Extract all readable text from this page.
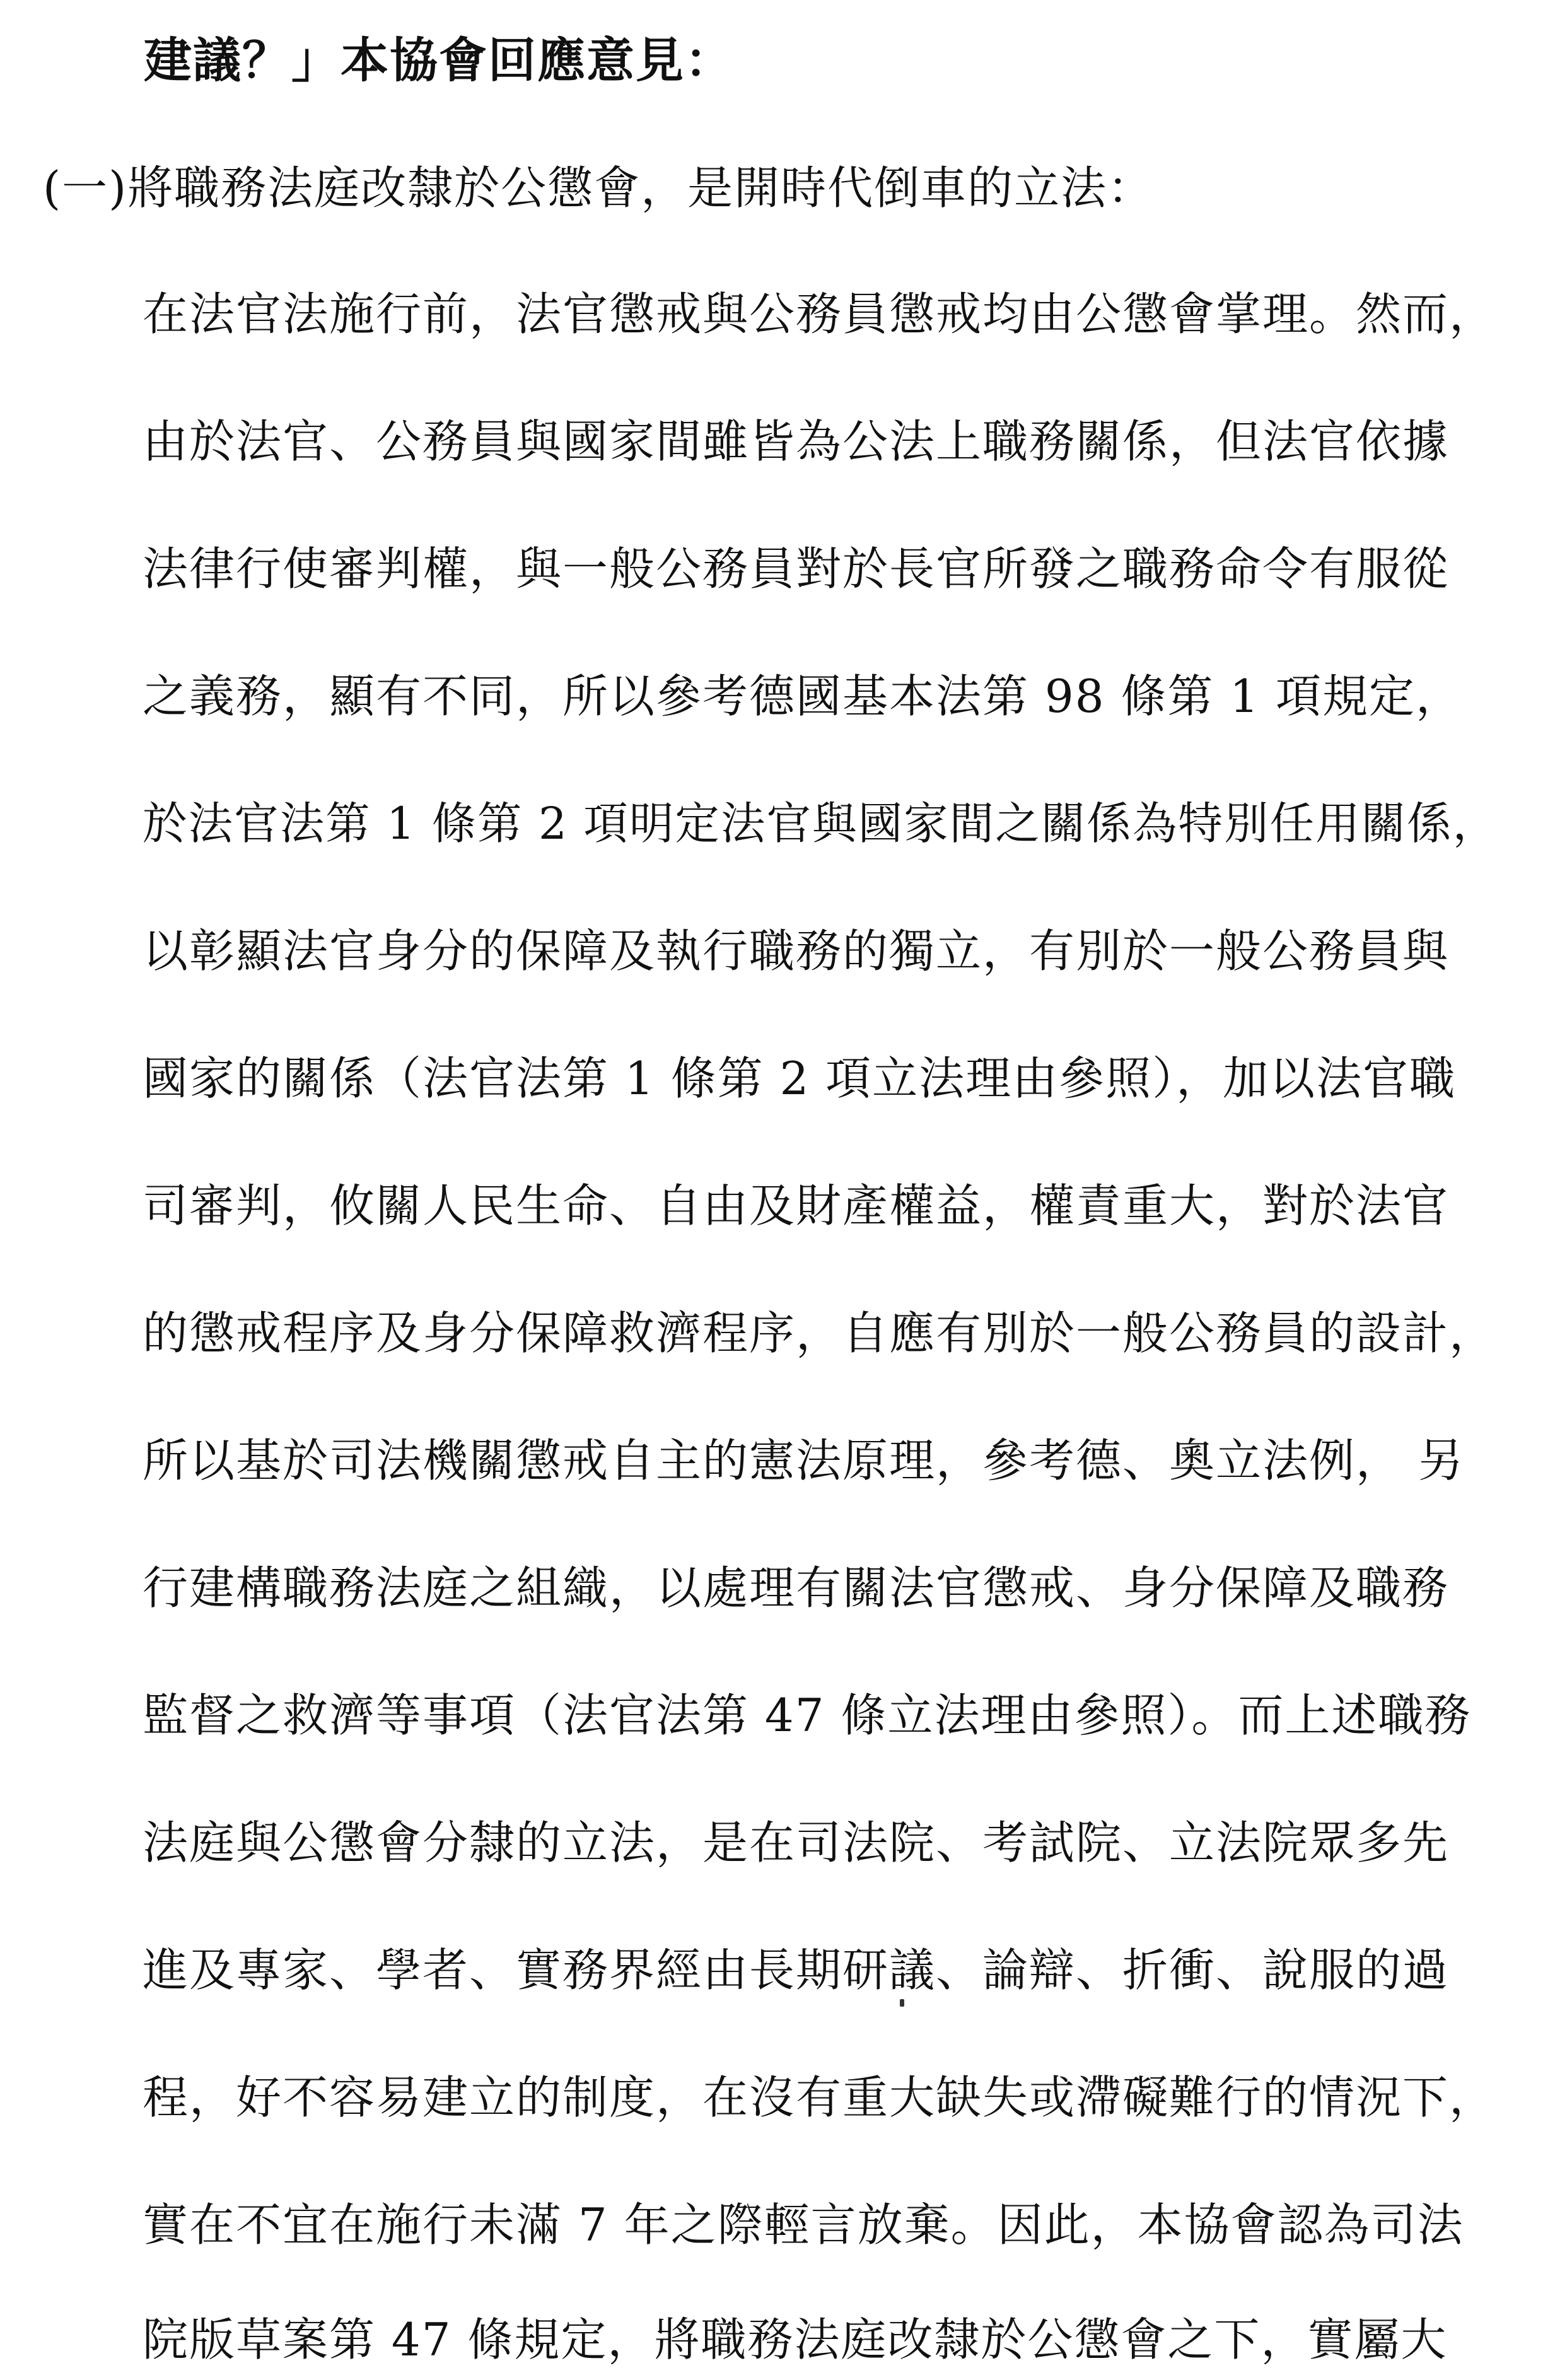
建議？」本協會回應意見：
(一)將職務法庭改隸於公懲會，是開時代倒車的立法：
在法官法施行前，法官懲戒與公務員懲戒均由公懲會掌理。然而，
由於法官、公務員與國家間雖皆為公法上職務關係，但法官依據
法律行使審判權，與一般公務員對於長官所發之職務命令有服從
之義務，顯有不同，所以參考德國基本法第 98 條第 1 項規定，
於法官法第 1 條第 2 項明定法官與國家間之關係為特別任用關係，
以彰顯法官身分的保障及執行職務的獨立，有別於一般公務員與
國家的關係（法官法第 1 條第 2 項立法理由參照），加以法官職
司審判，攸關人民生命、自由及財產權益，權責重大，對於法官
的懲戒程序及身分保障救濟程序，自應有別於一般公務員的設計，
所以基於司法機關懲戒自主的憲法原理，參考德、奧立法例， 另
行建構職務法庭之組織，以處理有關法官懲戒、身分保障及職務
監督之救濟等事項（法官法第 47 條立法理由參照）。而上述職務
法庭與公懲會分隸的立法，是在司法院、考試院、立法院眾多先
進及專家、學者、實務界經由長期研議、論辯、折衝、說服的過
程，好不容易建立的制度，在沒有重大缺失或滯礙難行的情況下，
實在不宜在施行未滿 7 年之際輕言放棄。因此，本協會認為司法
院版草案第 47 條規定，將職務法庭改隸於公懲會之下，實屬大
